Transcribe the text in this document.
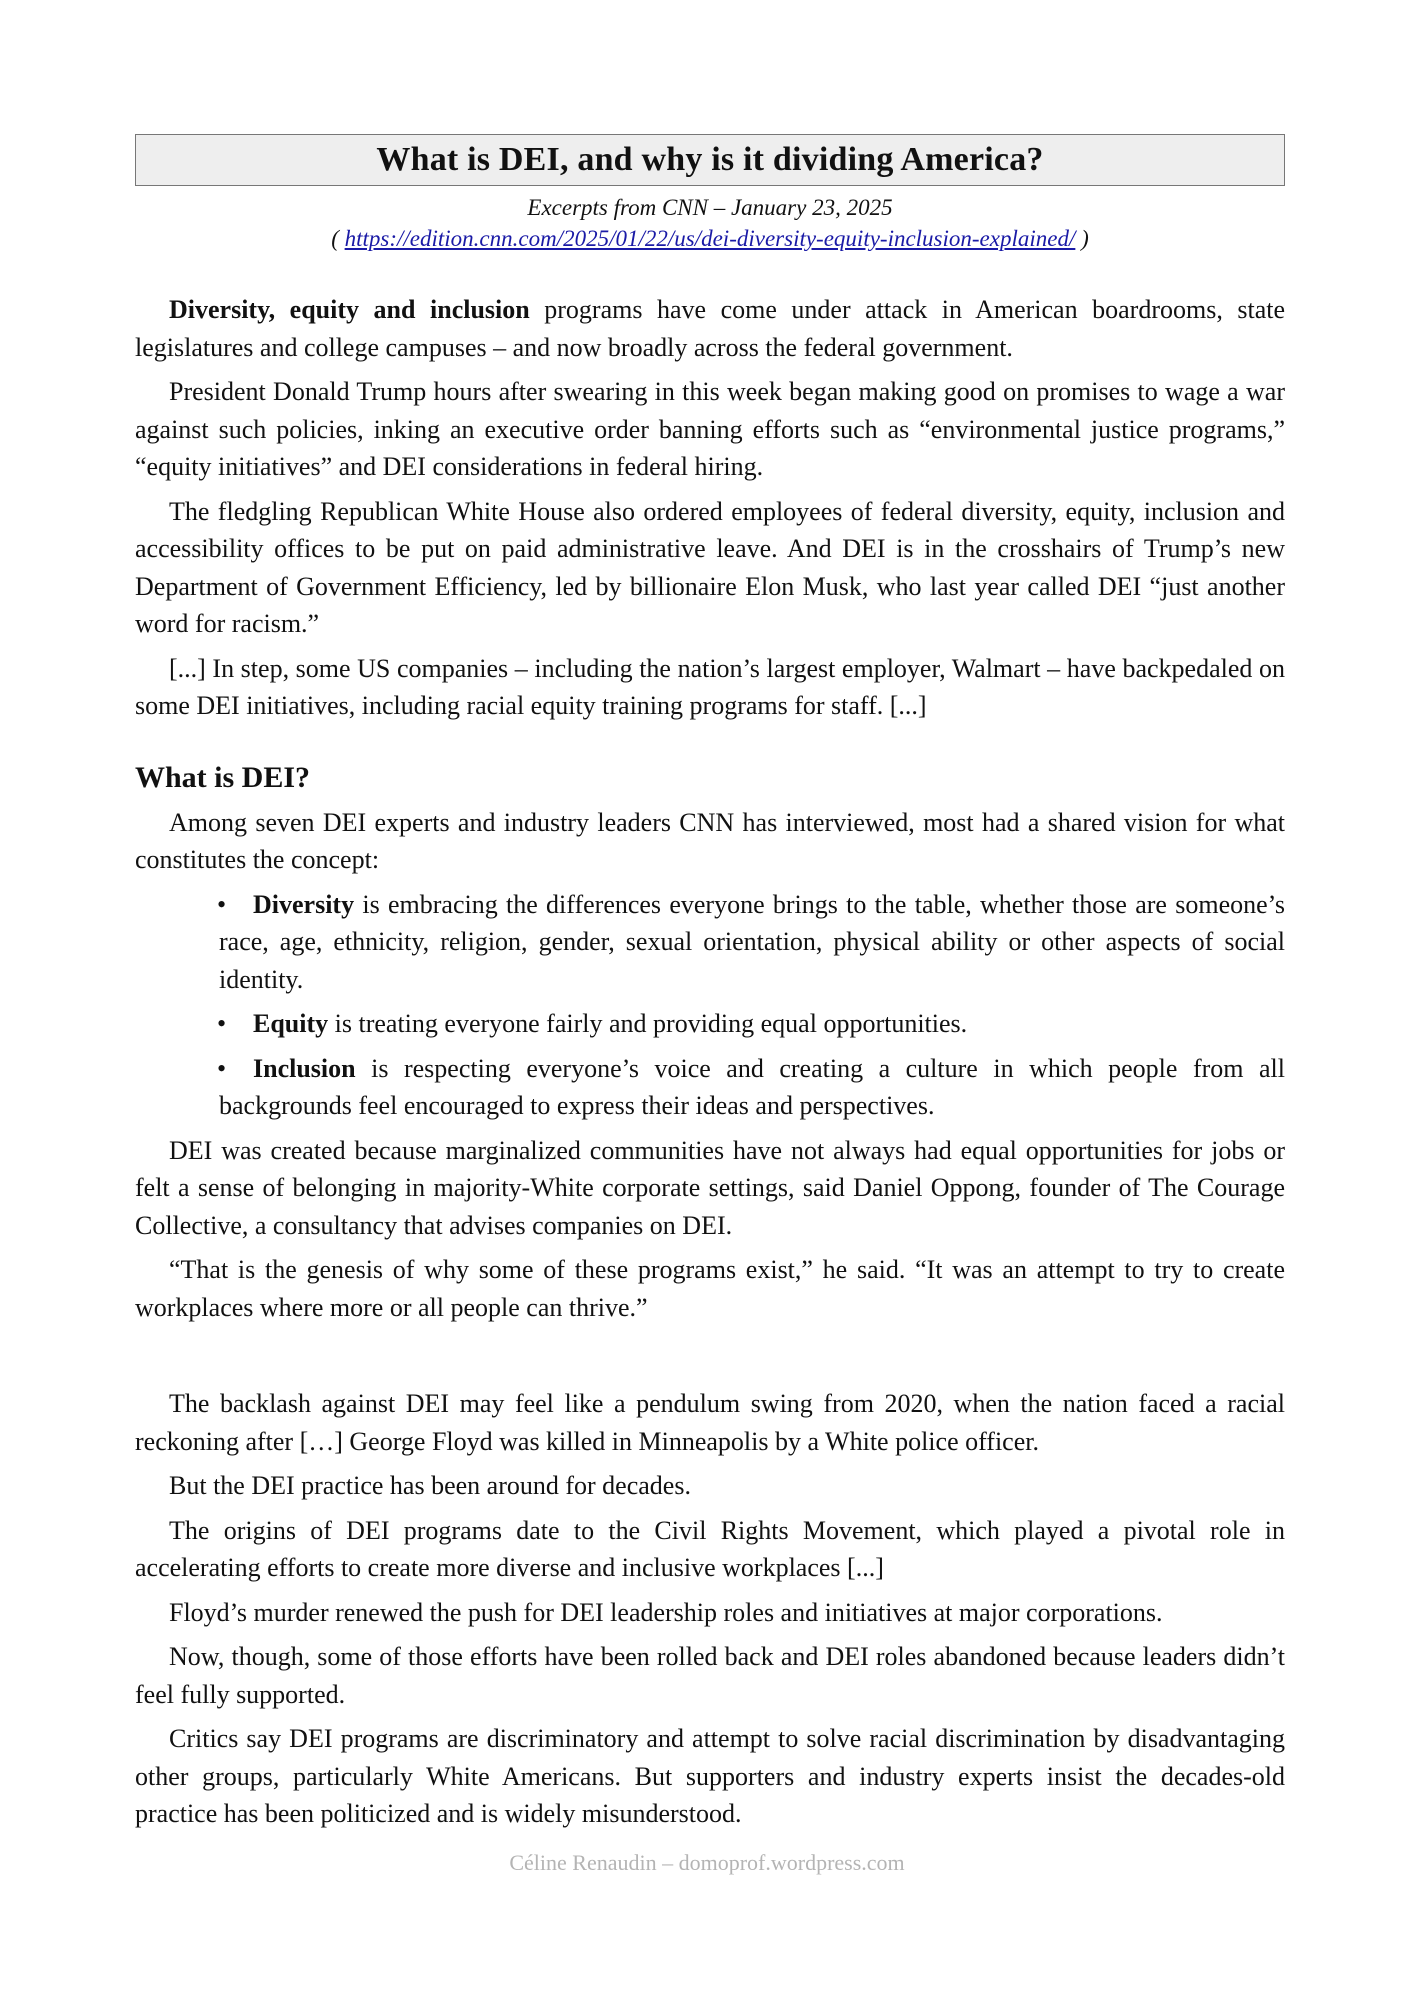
What is DEI, and why is it dividing America?
Excerpts from CNN – January 23, 2025
( https://edition.cnn.com/2025/01/22/us/dei-diversity-equity-inclusion-explained/ )

Diversity, equity and inclusion programs have come under attack in American boardrooms, state legislatures and college campuses – and now broadly across the federal government.

President Donald Trump hours after swearing in this week began making good on promises to wage a war against such policies, inking an executive order banning efforts such as “environmental justice programs,” “equity initiatives” and DEI considerations in federal hiring.

The fledgling Republican White House also ordered employees of federal diversity, equity, inclusion and accessibility offices to be put on paid administrative leave. And DEI is in the crosshairs of Trump’s new Department of Government Efficiency, led by billionaire Elon Musk, who last year called DEI “just another word for racism.”

[...] In step, some US companies – including the nation’s largest employer, Walmart – have backpedaled on some DEI initiatives, including racial equity training programs for staff. [...]

What is DEI?

Among seven DEI experts and industry leaders CNN has interviewed, most had a shared vision for what constitutes the concept:

•	Diversity is embracing the differences everyone brings to the table, whether those are someone’s race, age, ethnicity, religion, gender, sexual orientation, physical ability or other aspects of social identity.
•	Equity is treating everyone fairly and providing equal opportunities.
•	Inclusion is respecting everyone’s voice and creating a culture in which people from all backgrounds feel encouraged to express their ideas and perspectives.

DEI was created because marginalized communities have not always had equal opportunities for jobs or felt a sense of belonging in majority-White corporate settings, said Daniel Oppong, founder of The Courage Collective, a consultancy that advises companies on DEI.

“That is the genesis of why some of these programs exist,” he said. “It was an attempt to try to create workplaces where more or all people can thrive.”

The backlash against DEI may feel like a pendulum swing from 2020, when the nation faced a racial reckoning after […] George Floyd was killed in Minneapolis by a White police officer.

But the DEI practice has been around for decades.

The origins of DEI programs date to the Civil Rights Movement, which played a pivotal role in accelerating efforts to create more diverse and inclusive workplaces [...]

Floyd’s murder renewed the push for DEI leadership roles and initiatives at major corporations.

Now, though, some of those efforts have been rolled back and DEI roles abandoned because leaders didn’t feel fully supported.

Critics say DEI programs are discriminatory and attempt to solve racial discrimination by disadvantaging other groups, particularly White Americans. But supporters and industry experts insist the decades-old practice has been politicized and is widely misunderstood.

Céline Renaudin – domoprof.wordpress.com
